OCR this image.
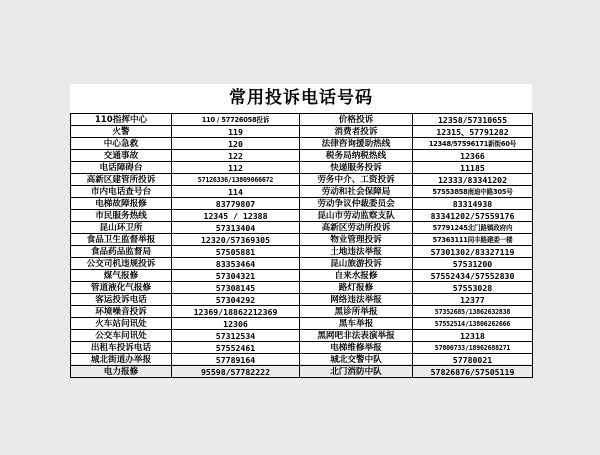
常用投诉电话号码
110指挥中心	110 / 57726058投诉	价格投诉	12358/57310655
火警	119	消费者投诉	12315、57791282
中心急救	120	法律咨询援助热线	12348/57596171新街60号
交通事故	122	税务局纳税热线	12366
电话障碍台	112	快递服务投诉	11185
高新区建管所投诉	57126336/13809066672	劳务中介、工资投诉	12333/83341202
市内电话查号台	114	劳动和社会保障局	57553858南迪中路305号
电梯故障报修	83779807	劳动争议仲裁委员会	83314938
市民服务热线	12345 / 12388	昆山市劳动监察支队	83341202/57559176
昆山环卫所	57313404	高新区劳动所投诉	57791245北门路镇政府内
食品卫生监督举报	12320/57369305	物业管理投诉	57363111同丰路建委一楼
食品药品监督局	57505881	土地违法举报	57301302/83327119
公交司机违规投诉	83353464	昆山旅游投诉	57531200
煤气报修	57304321	自来水报修	57552434/57552830
管道液化气报修	57308145	路灯报修	57553028
客运投诉电话	57304292	网络违法举报	12377
环境噪音投诉	12369/18862212369	黑诊所举报	57352685/13862632838
火车站问讯处	12306	黑车举报	57552514/13806262666
公交车问讯处	57312534	黑网吧非法表演举报	12318
出租车投诉电话	57552461	电梯维修举报	57800733/18962688271
城北街道办举报	57789164	城北交警中队	57780021
电力报修	95598/57782222	北门消防中队	57826876/57505119
